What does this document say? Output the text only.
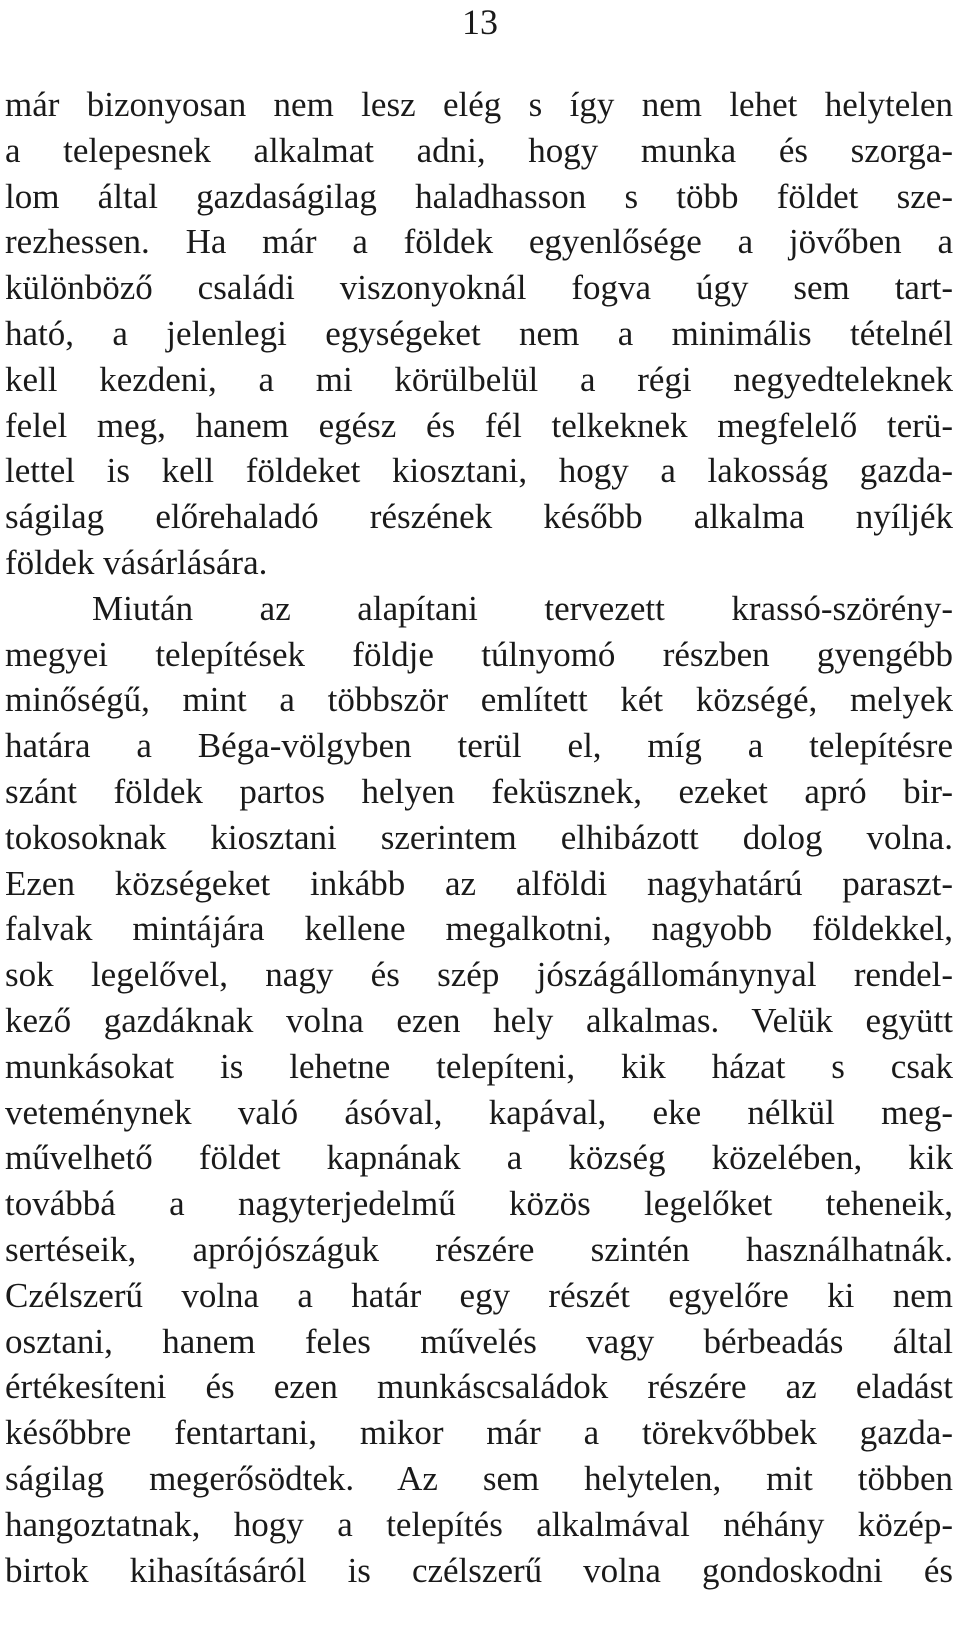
13
már bizonyosan nem lesz elég s így nem lehet helytelen
a telepesnek alkalmat adni, hogy munka és szorga-
lom által gazdaságilag haladhasson s több földet sze-
rezhessen. Ha már a földek egyenlősége a jövőben a
különböző családi viszonyoknál fogva úgy sem tart-
ható, a jelenlegi egységeket nem a minimális tételnél
kell kezdeni, a mi körülbelül a régi negyedteleknek
felel meg, hanem egész és fél telkeknek megfelelő terü-
lettel is kell földeket kiosztani, hogy a lakosság gazda-
ságilag előrehaladó részének később alkalma nyíljék
földek vásárlására.
Miután az alapítani tervezett krassó-szörény-
megyei telepítések földje túlnyomó részben gyengébb
minőségű, mint a többször említett két községé, melyek
határa a Béga-völgyben terül el, míg a telepítésre
szánt földek partos helyen feküsznek, ezeket apró bir-
tokosoknak kiosztani szerintem elhibázott dolog volna.
Ezen községeket inkább az alföldi nagyhatárú paraszt-
falvak mintájára kellene megalkotni, nagyobb földekkel,
sok legelővel, nagy és szép jószágállománynyal rendel-
kező gazdáknak volna ezen hely alkalmas. Velük együtt
munkásokat is lehetne telepíteni, kik házat s csak
veteménynek való ásóval, kapával, eke nélkül meg-
művelhető földet kapnának a község közelében, kik
továbbá a nagyterjedelmű közös legelőket teheneik,
sertéseik, aprójószáguk részére szintén használhatnák.
Czélszerű volna a határ egy részét egyelőre ki nem
osztani, hanem feles művelés vagy bérbeadás által
értékesíteni és ezen munkáscsaládok részére az eladást
későbbre fentartani, mikor már a törekvőbbek gazda-
ságilag megerősödtek. Az sem helytelen, mit többen
hangoztatnak, hogy a telepítés alkalmával néhány közép-
birtok kihasításáról is czélszerű volna gondoskodni és
